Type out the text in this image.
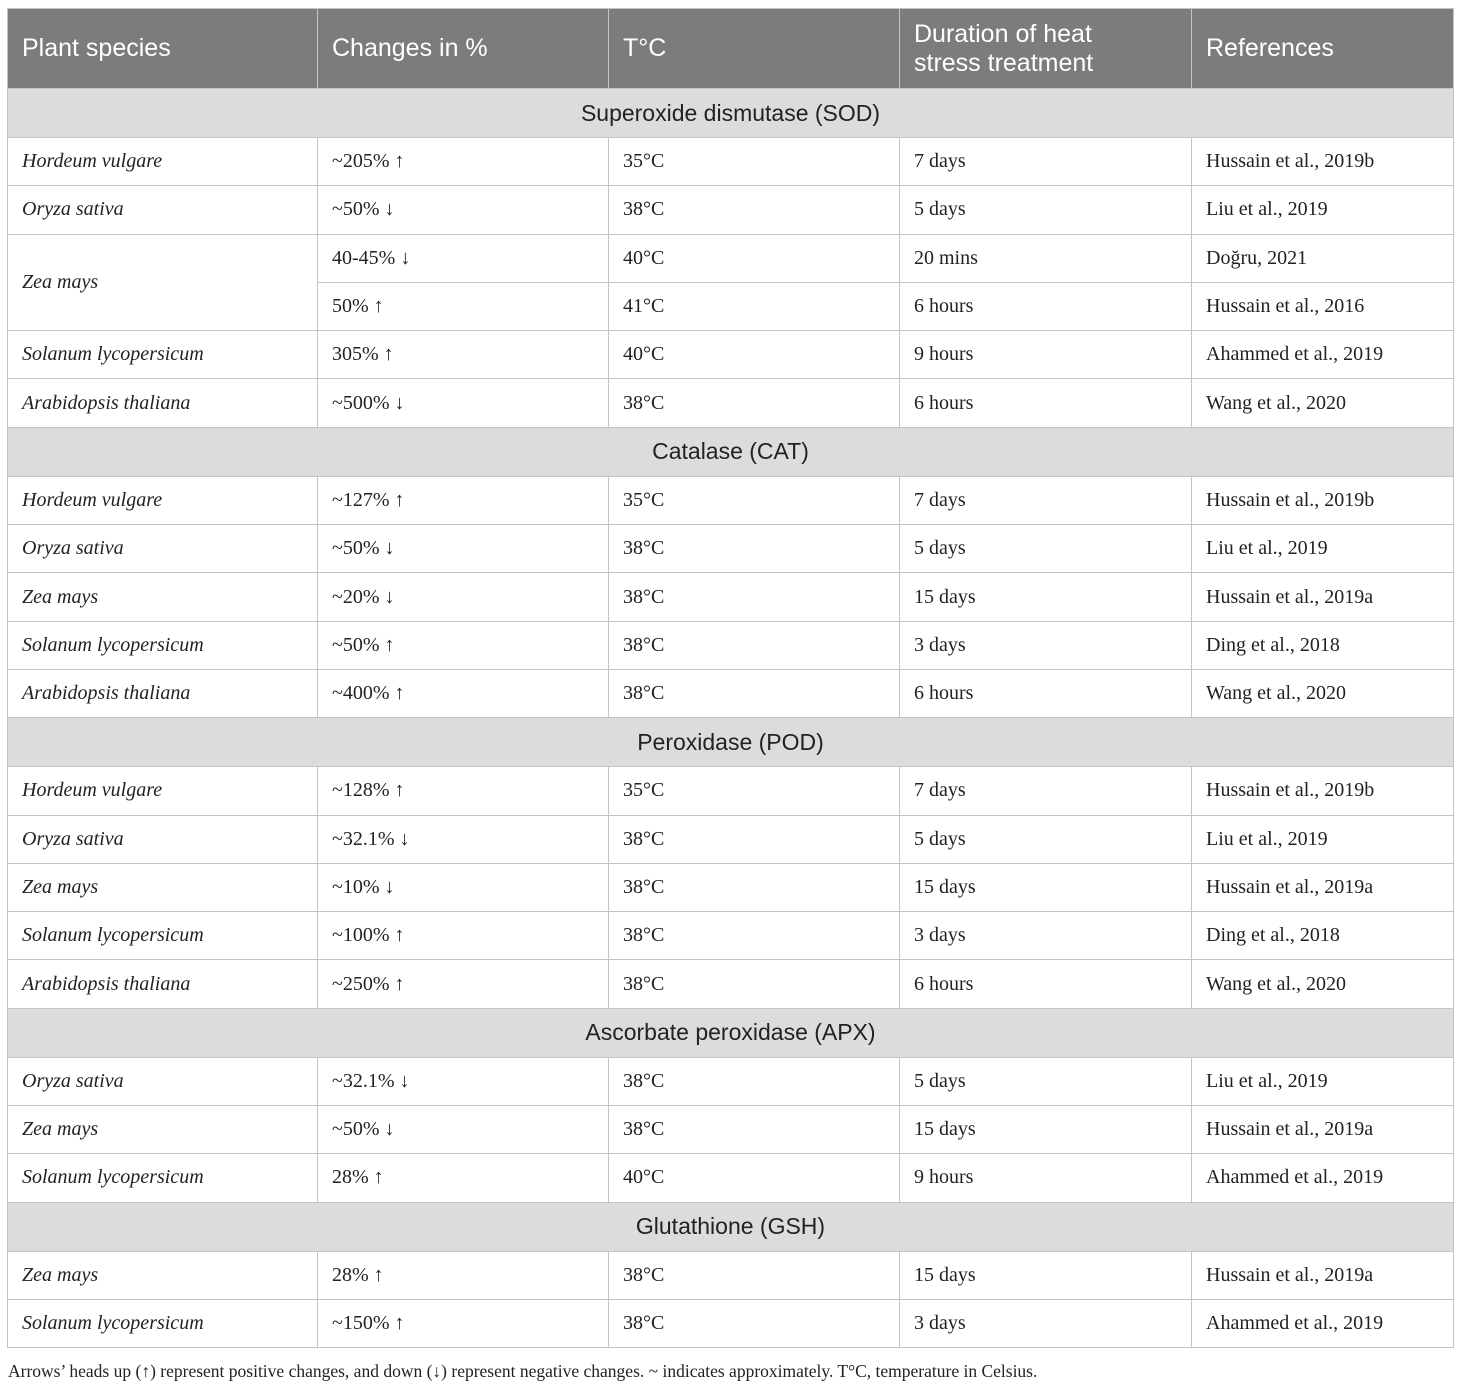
Plant species	Changes in %	T°C	Duration of heat stress treatment	References
Superoxide dismutase (SOD)				
Hordeum vulgare	~205% ↑	35°C	7 days	Hussain et al., 2019b
Oryza sativa	~50% ↓	38°C	5 days	Liu et al., 2019
Zea mays	40-45% ↓	40°C	20 mins	Doğru, 2021
	50% ↑	41°C	6 hours	Hussain et al., 2016
Solanum lycopersicum	305% ↑	40°C	9 hours	Ahammed et al., 2019
Arabidopsis thaliana	~500% ↓	38°C	6 hours	Wang et al., 2020
Catalase (CAT)				
Hordeum vulgare	~127% ↑	35°C	7 days	Hussain et al., 2019b
Oryza sativa	~50% ↓	38°C	5 days	Liu et al., 2019
Zea mays	~20% ↓	38°C	15 days	Hussain et al., 2019a
Solanum lycopersicum	~50% ↑	38°C	3 days	Ding et al., 2018
Arabidopsis thaliana	~400% ↑	38°C	6 hours	Wang et al., 2020
Peroxidase (POD)				
Hordeum vulgare	~128% ↑	35°C	7 days	Hussain et al., 2019b
Oryza sativa	~32.1% ↓	38°C	5 days	Liu et al., 2019
Zea mays	~10% ↓	38°C	15 days	Hussain et al., 2019a
Solanum lycopersicum	~100% ↑	38°C	3 days	Ding et al., 2018
Arabidopsis thaliana	~250% ↑	38°C	6 hours	Wang et al., 2020
Ascorbate peroxidase (APX)				
Oryza sativa	~32.1% ↓	38°C	5 days	Liu et al., 2019
Zea mays	~50% ↓	38°C	15 days	Hussain et al., 2019a
Solanum lycopersicum	28% ↑	40°C	9 hours	Ahammed et al., 2019
Glutathione (GSH)				
Zea mays	28% ↑	38°C	15 days	Hussain et al., 2019a
Solanum lycopersicum	~150% ↑	38°C	3 days	Ahammed et al., 2019
Arrows’ heads up (↑) represent positive changes, and down (↓) represent negative changes. ~ indicates approximately. T°C, temperature in Celsius.
